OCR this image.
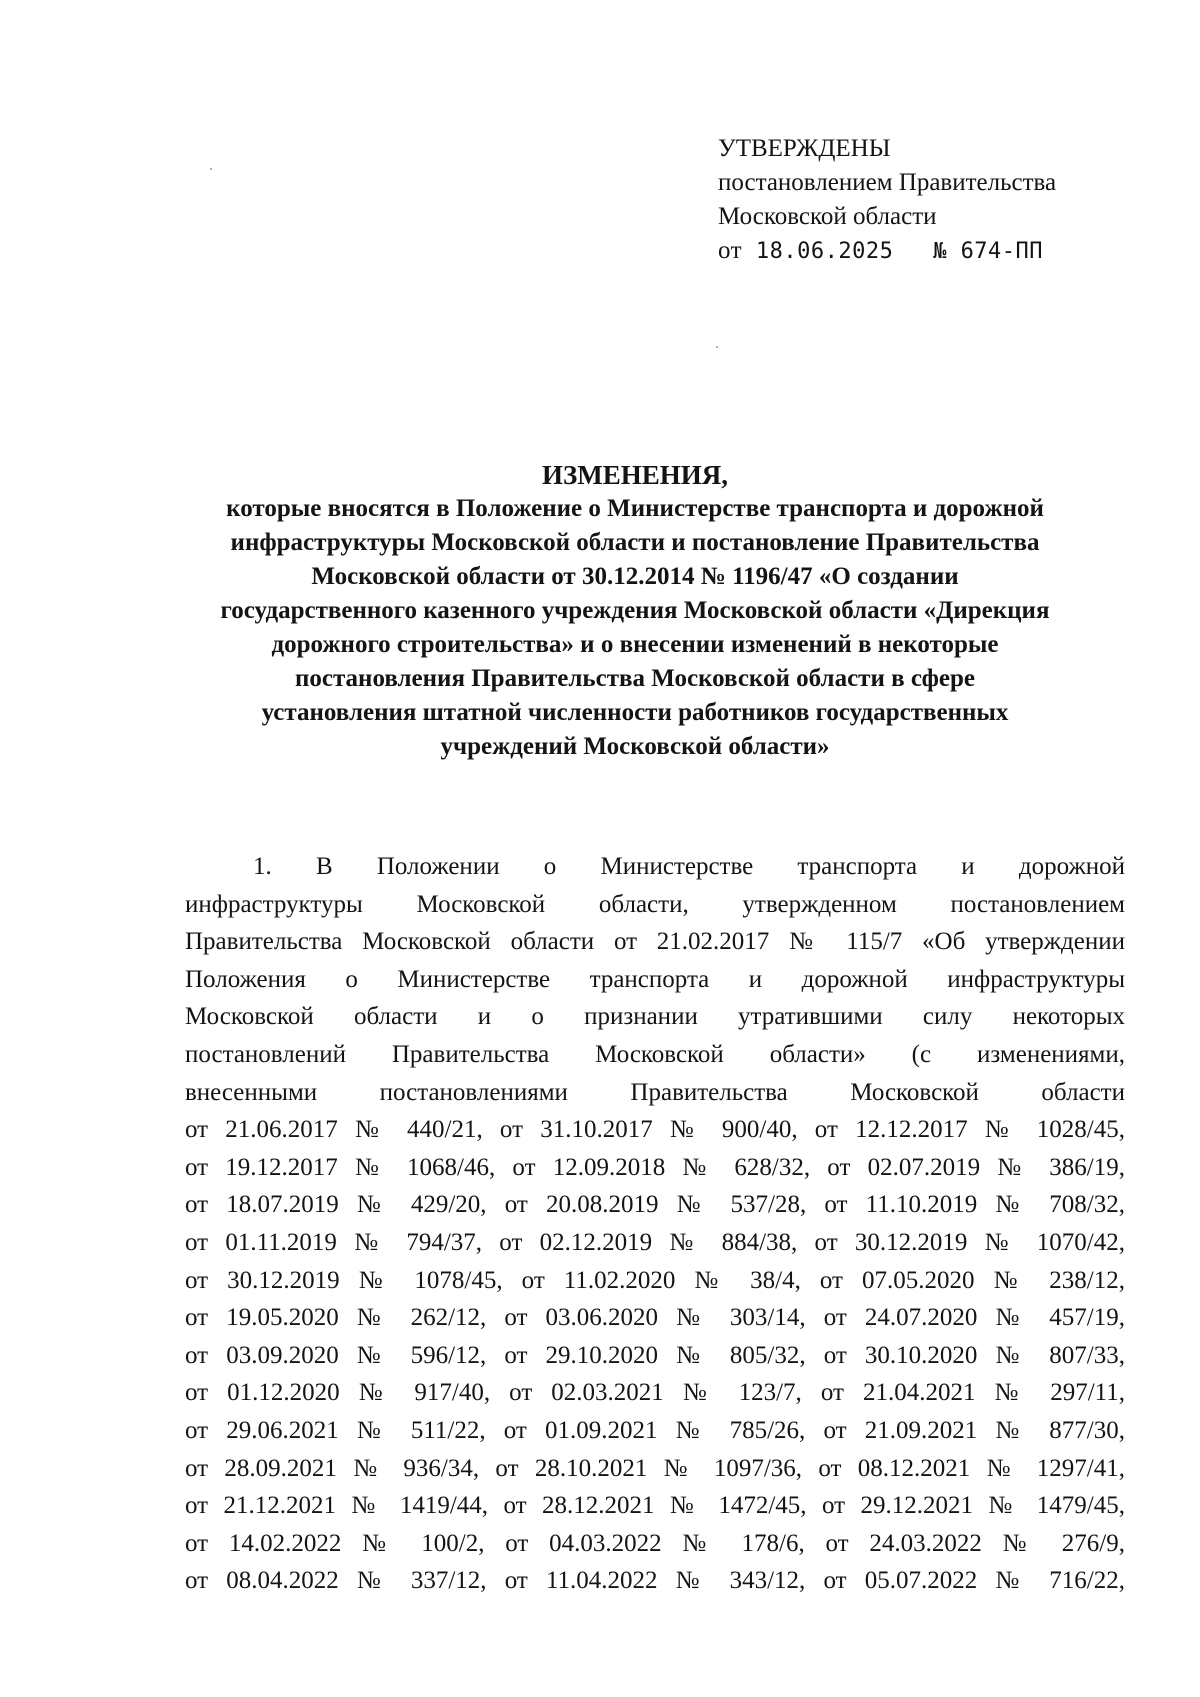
УТВЕРЖДЕНЫ
постановлением Правительства
Московской области
от 18.06.2025 № 674-ПП
ИЗМЕНЕНИЯ,
которые вносятся в Положение о Министерстве транспорта и дорожной
инфраструктуры Московской области и постановление Правительства
Московской области от 30.12.2014 № 1196/47 «О создании
государственного казенного учреждения Московской области «Дирекция
дорожного строительства» и о внесении изменений в некоторые
постановления Правительства Московской области в сфере
установления штатной численности работников государственных
учреждений Московской области»
1. В Положении о Министерстве транспорта и дорожной
инфраструктуры Московской области, утвержденном постановлением
Правительства Московской области от 21.02.2017 № 115/7 «Об утверждении
Положения о Министерстве транспорта и дорожной инфраструктуры
Московской области и о признании утратившими силу некоторых
постановлений Правительства Московской области» (с изменениями,
внесенными постановлениями Правительства Московской области
от 21.06.2017 № 440/21, от 31.10.2017 № 900/40, от 12.12.2017 № 1028/45,
от 19.12.2017 № 1068/46, от 12.09.2018 № 628/32, от 02.07.2019 № 386/19,
от 18.07.2019 № 429/20, от 20.08.2019 № 537/28, от 11.10.2019 № 708/32,
от 01.11.2019 № 794/37, от 02.12.2019 № 884/38, от 30.12.2019 № 1070/42,
от 30.12.2019 № 1078/45, от 11.02.2020 № 38/4, от 07.05.2020 № 238/12,
от 19.05.2020 № 262/12, от 03.06.2020 № 303/14, от 24.07.2020 № 457/19,
от 03.09.2020 № 596/12, от 29.10.2020 № 805/32, от 30.10.2020 № 807/33,
от 01.12.2020 № 917/40, от 02.03.2021 № 123/7, от 21.04.2021 № 297/11,
от 29.06.2021 № 511/22, от 01.09.2021 № 785/26, от 21.09.2021 № 877/30,
от 28.09.2021 № 936/34, от 28.10.2021 № 1097/36, от 08.12.2021 № 1297/41,
от 21.12.2021 № 1419/44, от 28.12.2021 № 1472/45, от 29.12.2021 № 1479/45,
от 14.02.2022 № 100/2, от 04.03.2022 № 178/6, от 24.03.2022 № 276/9,
от 08.04.2022 № 337/12, от 11.04.2022 № 343/12, от 05.07.2022 № 716/22,
